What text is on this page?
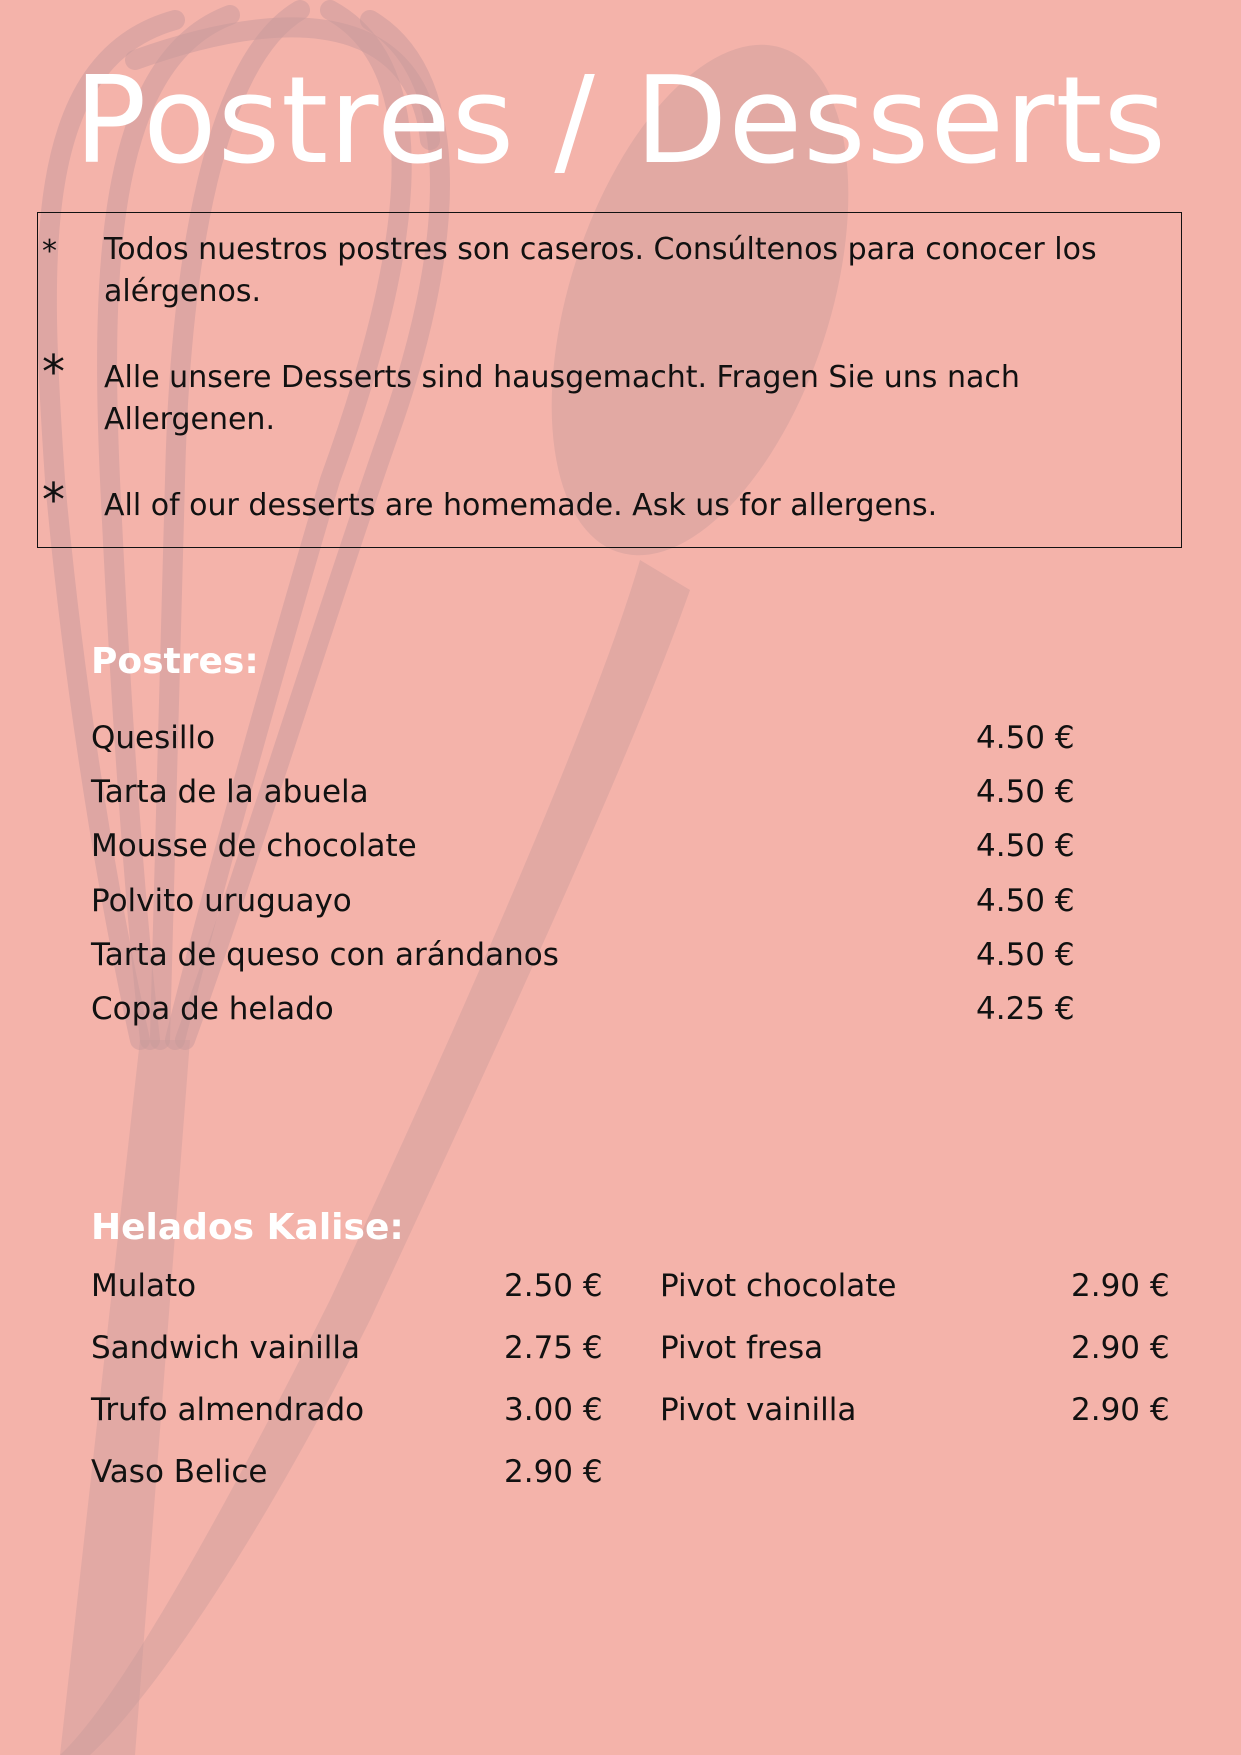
Postres / Desserts
*	Todos nuestros postres son caseros. Consúltenos para conocer los alérgenos.

*	Alle unsere Desserts sind hausgemacht. Fragen Sie uns nach Allergenen.

*	All of our desserts are homemade. Ask us for allergens.

Postres:
Quesillo	4.50 €
Tarta de la abuela	4.50 €
Mousse de chocolate	4.50 €
Polvito uruguayo	4.50 €
Tarta de queso con arándanos	4.50 €
Copa de helado	4.25 €
Helados Kalise:
Mulato	2.50 €
Sandwich vainilla	2.75 €
Trufo almendrado	3.00 €
Vaso Belice	2.90 €
Pivot chocolate	2.90 €
Pivot fresa	2.90 €
Pivot vainilla	2.90 €
